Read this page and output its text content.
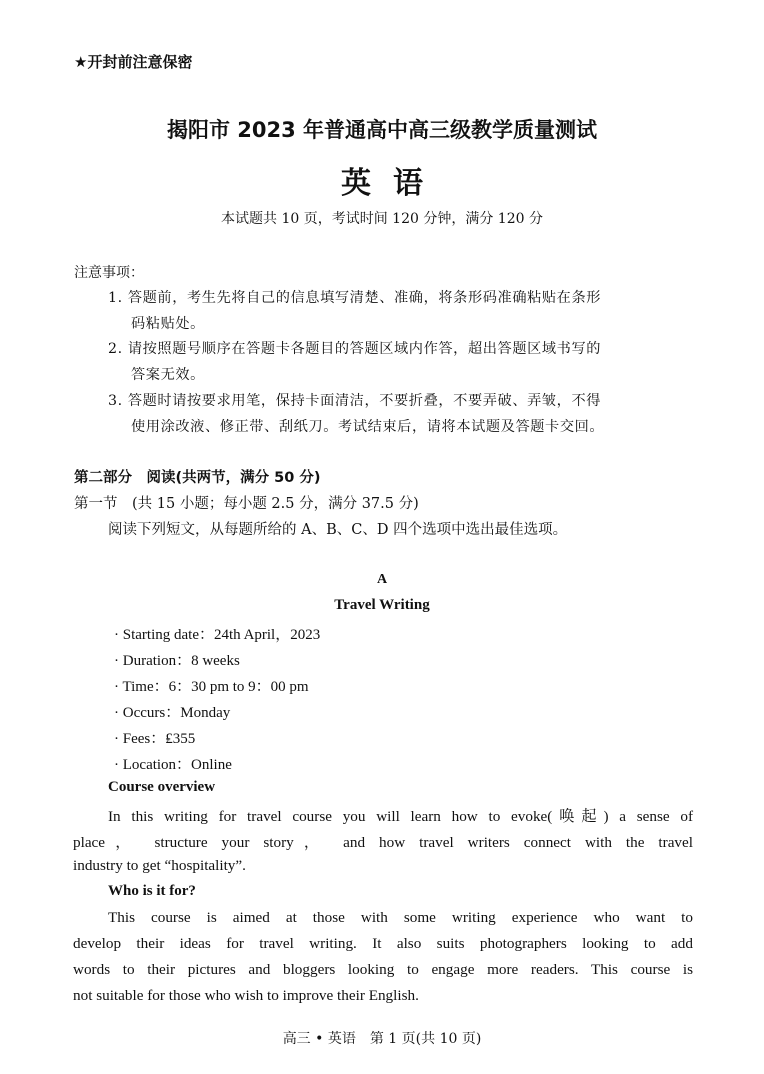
★开封前注意保密
揭阳市 2023 年普通高中高三级教学质量测试
英语
本试题共 10 页，考试时间 120 分钟，满分 120 分
注意事项：
1. 答题前，考生先将自己的信息填写清楚、准确，将条形码准确粘贴在条形
码粘贴处。
2. 请按照题号顺序在答题卡各题目的答题区域内作答，超出答题区域书写的
答案无效。
3. 答题时请按要求用笔，保持卡面清洁，不要折叠，不要弄破、弄皱，不得
使用涂改液、修正带、刮纸刀。考试结束后，请将本试题及答题卡交回。
第二部分　阅读(共两节，满分 50 分)
第一节　(共 15 小题；每小题 2.5 分，满分 37.5 分)
阅读下列短文，从每题所给的 A、B、C、D 四个选项中选出最佳选项。
A
Travel Writing
· Starting date：24th April，2023
· Duration：8 weeks
· Time：6：30 pm to 9：00 pm
· Occurs：Monday
· Fees：₤355
· Location：Online
Course overview
In this writing for travel course you will learn how to evoke(唤起) a sense of
place， structure your story， and how travel writers connect with the travel
industry to get “hospitality”.
Who is it for?
This course is aimed at those with some writing experience who want to
develop their ideas for travel writing. It also suits photographers looking to add
words to their pictures and bloggers looking to engage more readers. This course is
not suitable for those who wish to improve their English.
高三 • 英语　第 1 页(共 10 页)
